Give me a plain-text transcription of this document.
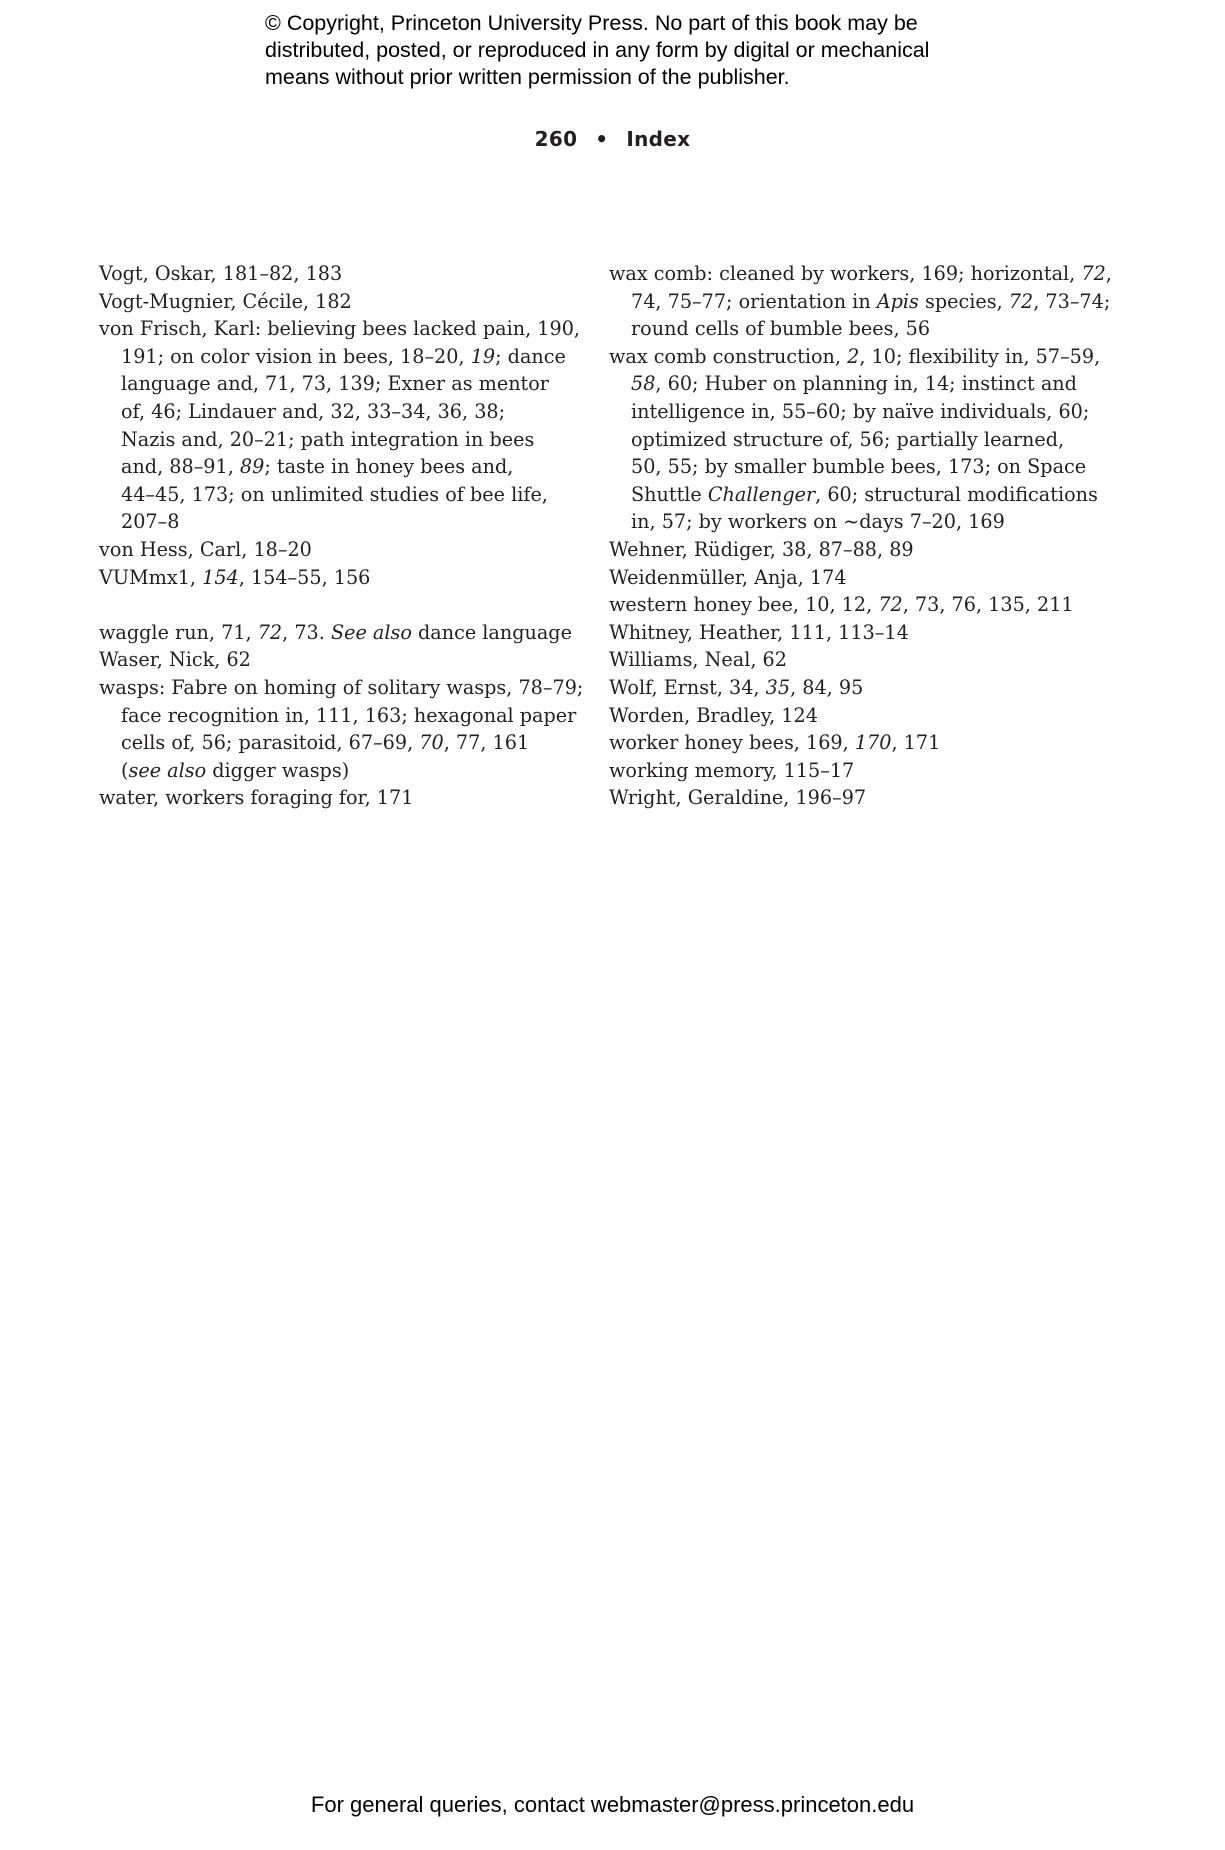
© Copyright, Princeton University Press. No part of this book may be
distributed, posted, or reproduced in any form by digital or mechanical
means without prior written permission of the publisher.
260 • Index
Vogt, Oskar, 181–82, 183
Vogt-Mugnier, Cécile, 182
von Frisch, Karl: believing bees lacked pain, 190,
191; on color vision in bees, 18–20, 19; dance
language and, 71, 73, 139; Exner as mentor
of, 46; Lindauer and, 32, 33–34, 36, 38;
Nazis and, 20–21; path integration in bees
and, 88–91, 89; taste in honey bees and,
44–45, 173; on unlimited studies of bee life,
207–8
von Hess, Carl, 18–20
VUMmx1, 154, 154–55, 156
waggle run, 71, 72, 73. See also dance language
Waser, Nick, 62
wasps: Fabre on homing of solitary wasps, 78–79;
face recognition in, 111, 163; hexagonal paper
cells of, 56; parasitoid, 67–69, 70, 77, 161
(see also digger wasps)
water, workers foraging for, 171
wax comb: cleaned by workers, 169; horizontal, 72,
74, 75–77; orientation in Apis species, 72, 73–74;
round cells of bumble bees, 56
wax comb construction, 2, 10; flexibility in, 57–59,
58, 60; Huber on planning in, 14; instinct and
intelligence in, 55–60; by naïve individuals, 60;
optimized structure of, 56; partially learned,
50, 55; by smaller bumble bees, 173; on Space
Shuttle Challenger, 60; structural modifications
in, 57; by workers on ~days 7–20, 169
Wehner, Rüdiger, 38, 87–88, 89
Weidenmüller, Anja, 174
western honey bee, 10, 12, 72, 73, 76, 135, 211
Whitney, Heather, 111, 113–14
Williams, Neal, 62
Wolf, Ernst, 34, 35, 84, 95
Worden, Bradley, 124
worker honey bees, 169, 170, 171
working memory, 115–17
Wright, Geraldine, 196–97
For general queries, contact webmaster@press.princeton.edu
